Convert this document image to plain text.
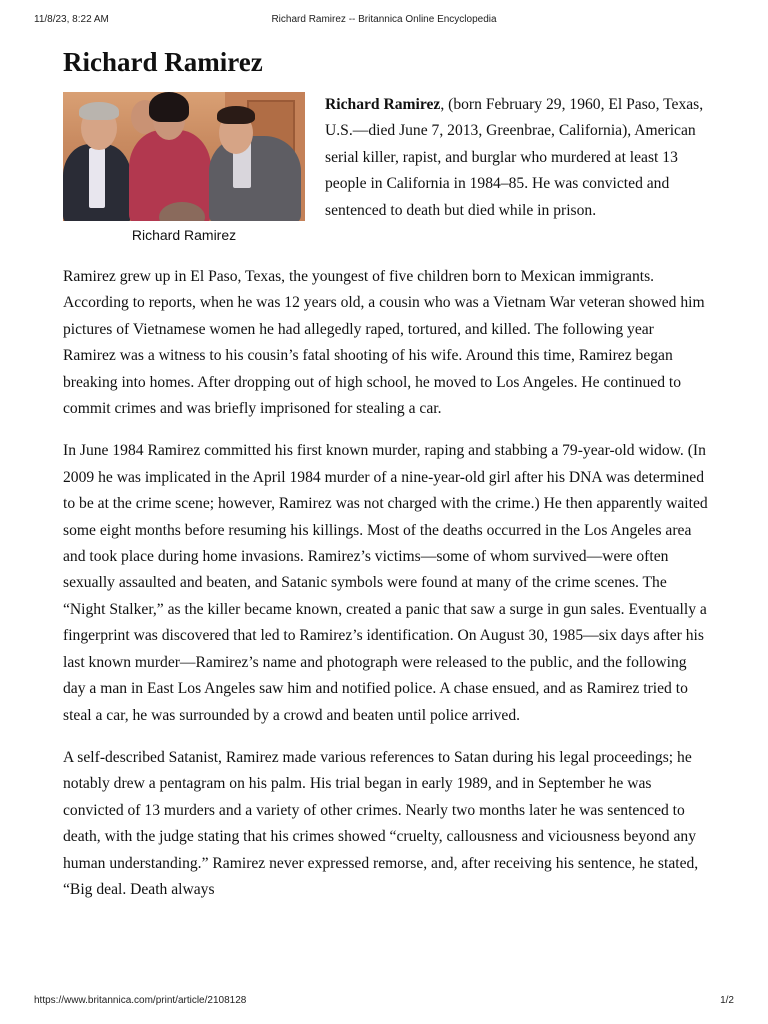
11/8/23, 8:22 AM	Richard Ramirez -- Britannica Online Encyclopedia
Richard Ramirez
Richard Ramirez
Richard Ramirez, (born February 29, 1960, El Paso, Texas, U.S.—died June 7, 2013, Greenbrae, California), American serial killer, rapist, and burglar who murdered at least 13 people in California in 1984–85. He was convicted and sentenced to death but died while in prison.

Ramirez grew up in El Paso, Texas, the youngest of five children born to Mexican immigrants. According to reports, when he was 12 years old, a cousin who was a Vietnam War veteran showed him pictures of Vietnamese women he had allegedly raped, tortured, and killed. The following year Ramirez was a witness to his cousin’s fatal shooting of his wife. Around this time, Ramirez began breaking into homes. After dropping out of high school, he moved to Los Angeles. He continued to commit crimes and was briefly imprisoned for stealing a car.

In June 1984 Ramirez committed his first known murder, raping and stabbing a 79-year-old widow. (In 2009 he was implicated in the April 1984 murder of a nine-year-old girl after his DNA was determined to be at the crime scene; however, Ramirez was not charged with the crime.) He then apparently waited some eight months before resuming his killings. Most of the deaths occurred in the Los Angeles area and took place during home invasions. Ramirez’s victims—some of whom survived—were often sexually assaulted and beaten, and Satanic symbols were found at many of the crime scenes. The “Night Stalker,” as the killer became known, created a panic that saw a surge in gun sales. Eventually a fingerprint was discovered that led to Ramirez’s identification. On August 30, 1985—six days after his last known murder—Ramirez’s name and photograph were released to the public, and the following day a man in East Los Angeles saw him and notified police. A chase ensued, and as Ramirez tried to steal a car, he was surrounded by a crowd and beaten until police arrived.

A self-described Satanist, Ramirez made various references to Satan during his legal proceedings; he notably drew a pentagram on his palm. His trial began in early 1989, and in September he was convicted of 13 murders and a variety of other crimes. Nearly two months later he was sentenced to death, with the judge stating that his crimes showed “cruelty, callousness and viciousness beyond any human understanding.” Ramirez never expressed remorse, and, after receiving his sentence, he stated, “Big deal. Death always

https://www.britannica.com/print/article/2108128	1/2
